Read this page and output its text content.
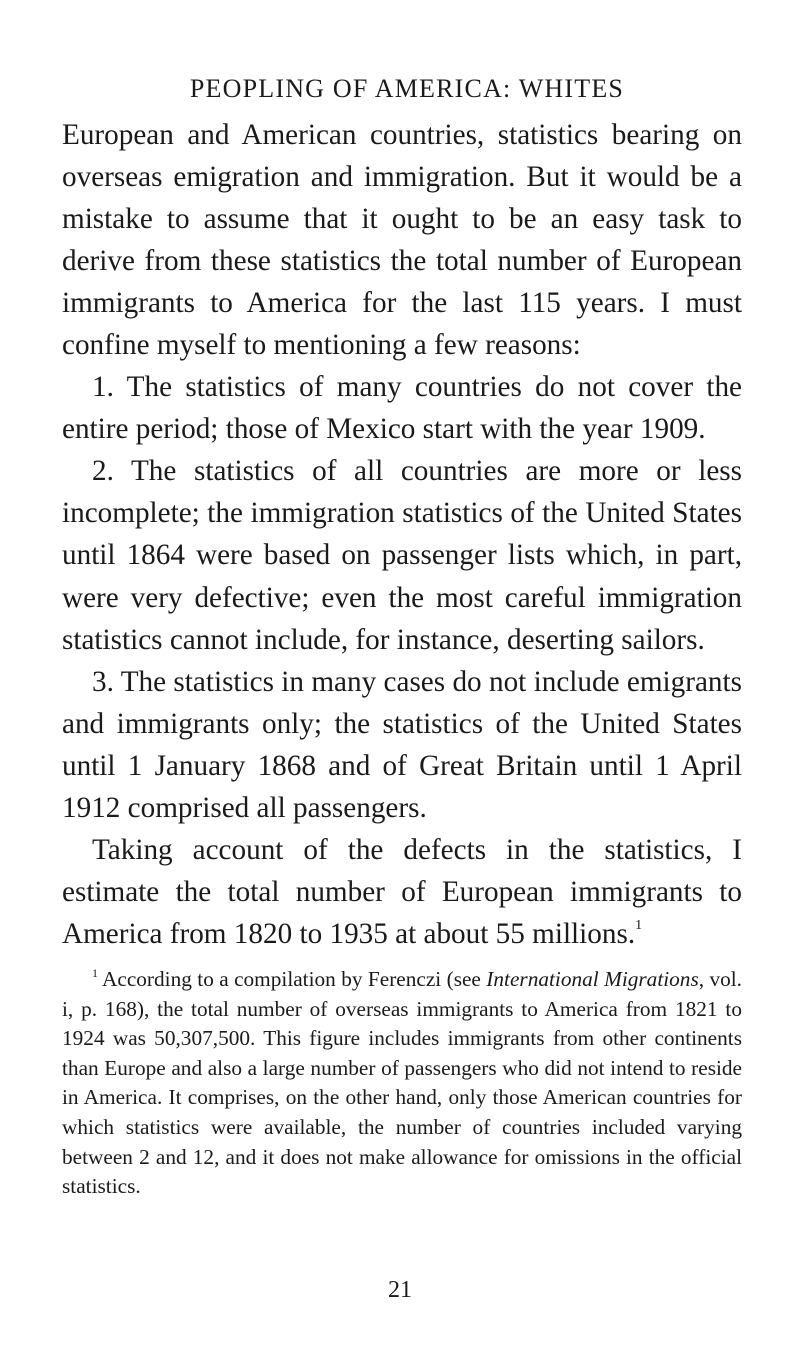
PEOPLING OF AMERICA: WHITES

European and American countries, statistics bearing on overseas emigration and immigration. But it would be a mistake to assume that it ought to be an easy task to derive from these statistics the total number of European immigrants to America for the last 115 years. I must confine myself to mentioning a few reasons:

1. The statistics of many countries do not cover the entire period; those of Mexico start with the year 1909.

2. The statistics of all countries are more or less incomplete; the immigration statistics of the United States until 1864 were based on passenger lists which, in part, were very defective; even the most careful immigration statistics cannot include, for instance, deserting sailors.

3. The statistics in many cases do not include emigrants and immigrants only; the statistics of the United States until 1 January 1868 and of Great Britain until 1 April 1912 comprised all passengers.

Taking account of the defects in the statistics, I estimate the total number of European immigrants to America from 1820 to 1935 at about 55 millions.$^1$

$^1$ According to a compilation by Ferenczi (see International Migrations, vol. i, p. 168), the total number of overseas immigrants to America from 1821 to 1924 was 50,307,500. This figure includes immigrants from other continents than Europe and also a large number of passengers who did not intend to reside in America. It comprises, on the other hand, only those American countries for which statistics were available, the number of countries included varying between 2 and 12, and it does not make allowance for omissions in the official statistics.
21
